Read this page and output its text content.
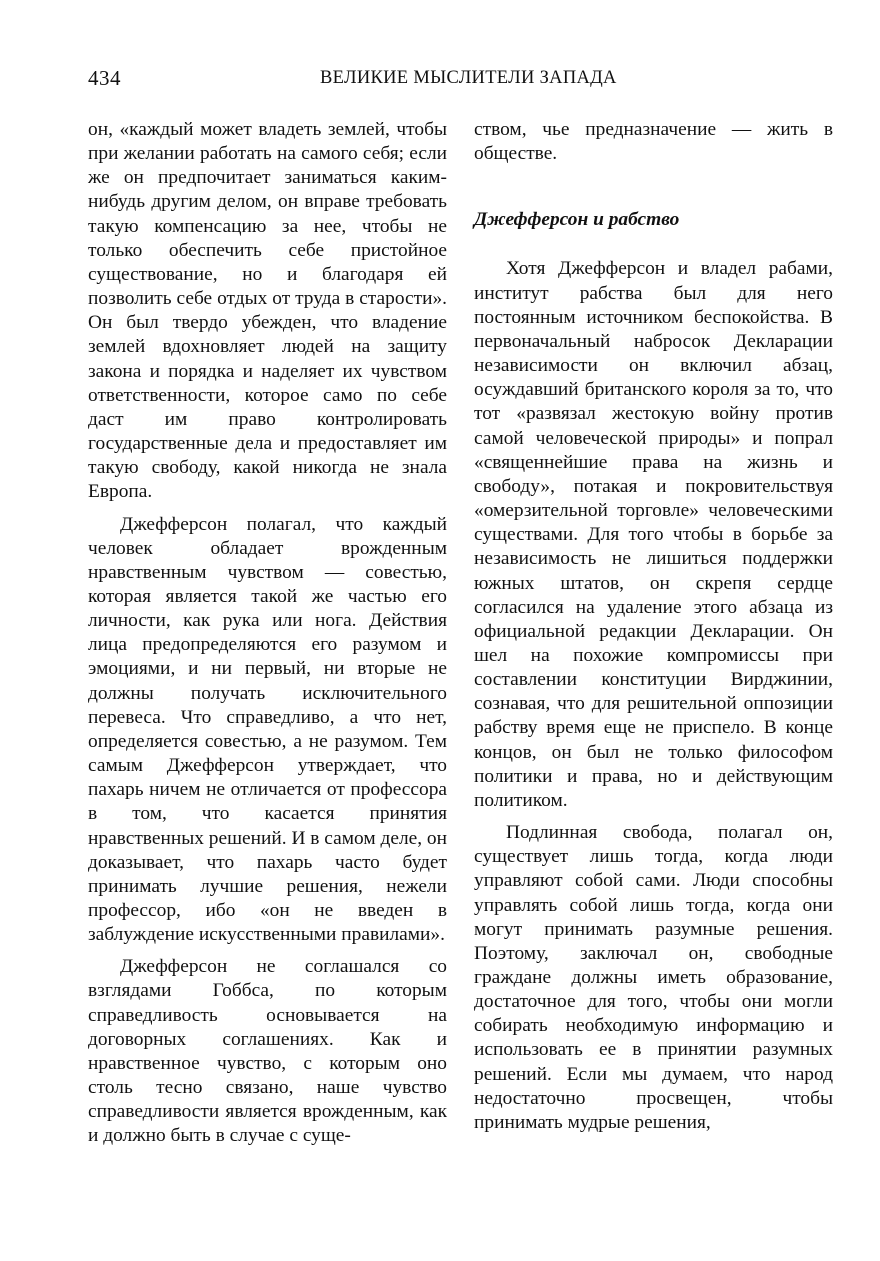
434	ВЕЛИКИЕ МЫСЛИТЕЛИ ЗАПАДА

он, «каждый может владеть землей, чтобы при желании работать на самого себя; если же он предпочитает заниматься каким-нибудь другим делом, он вправе требовать такую компенсацию за нее, чтобы не только обеспечить себе пристойное существование, но и благодаря ей позволить себе отдых от труда в старости». Он был твердо убежден, что владение землей вдохновляет людей на защиту закона и порядка и наделяет их чувством ответственности, которое само по себе даст им право контролировать государственные дела и предоставляет им такую свободу, какой никогда не знала Европа.

Джефферсон полагал, что каждый человек обладает врожденным нравственным чувством — совестью, которая является такой же частью его личности, как рука или нога. Действия лица предопределяются его разумом и эмоциями, и ни первый, ни вторые не должны получать исключительного перевеса. Что справедливо, а что нет, определяется совестью, а не разумом. Тем самым Джефферсон утверждает, что пахарь ничем не отличается от профессора в том, что касается принятия нравственных решений. И в самом деле, он доказывает, что пахарь часто будет принимать лучшие решения, нежели профессор, ибо «он не введен в заблуждение искусственными правилами».

Джефферсон не соглашался со взглядами Гоббса, по которым справедливость основывается на договорных соглашениях. Как и нравственное чувство, с которым оно столь тесно связано, наше чувство справедливости является врожденным, как и должно быть в случае с суще-

ством, чье предназначение — жить в обществе.

Джефферсон и рабство

Хотя Джефферсон и владел рабами, институт рабства был для него постоянным источником беспокойства. В первоначальный набросок Декларации независимости он включил абзац, осуждавший британского короля за то, что тот «развязал жестокую войну против самой человеческой природы» и попрал «священнейшие права на жизнь и свободу», потакая и покровительствуя «омерзительной торговле» человеческими существами. Для того чтобы в борьбе за независимость не лишиться поддержки южных штатов, он скрепя сердце согласился на удаление этого абзаца из официальной редакции Декларации. Он шел на похожие компромиссы при составлении конституции Вирджинии, сознавая, что для решительной оппозиции рабству время еще не приспело. В конце концов, он был не только философом политики и права, но и действующим политиком.

Подлинная свобода, полагал он, существует лишь тогда, когда люди управляют собой сами. Люди способны управлять собой лишь тогда, когда они могут принимать разумные решения. Поэтому, заключал он, свободные граждане должны иметь образование, достаточное для того, чтобы они могли собирать необходимую информацию и использовать ее в принятии разумных решений. Если мы думаем, что народ недостаточно просвещен, чтобы принимать мудрые решения,
